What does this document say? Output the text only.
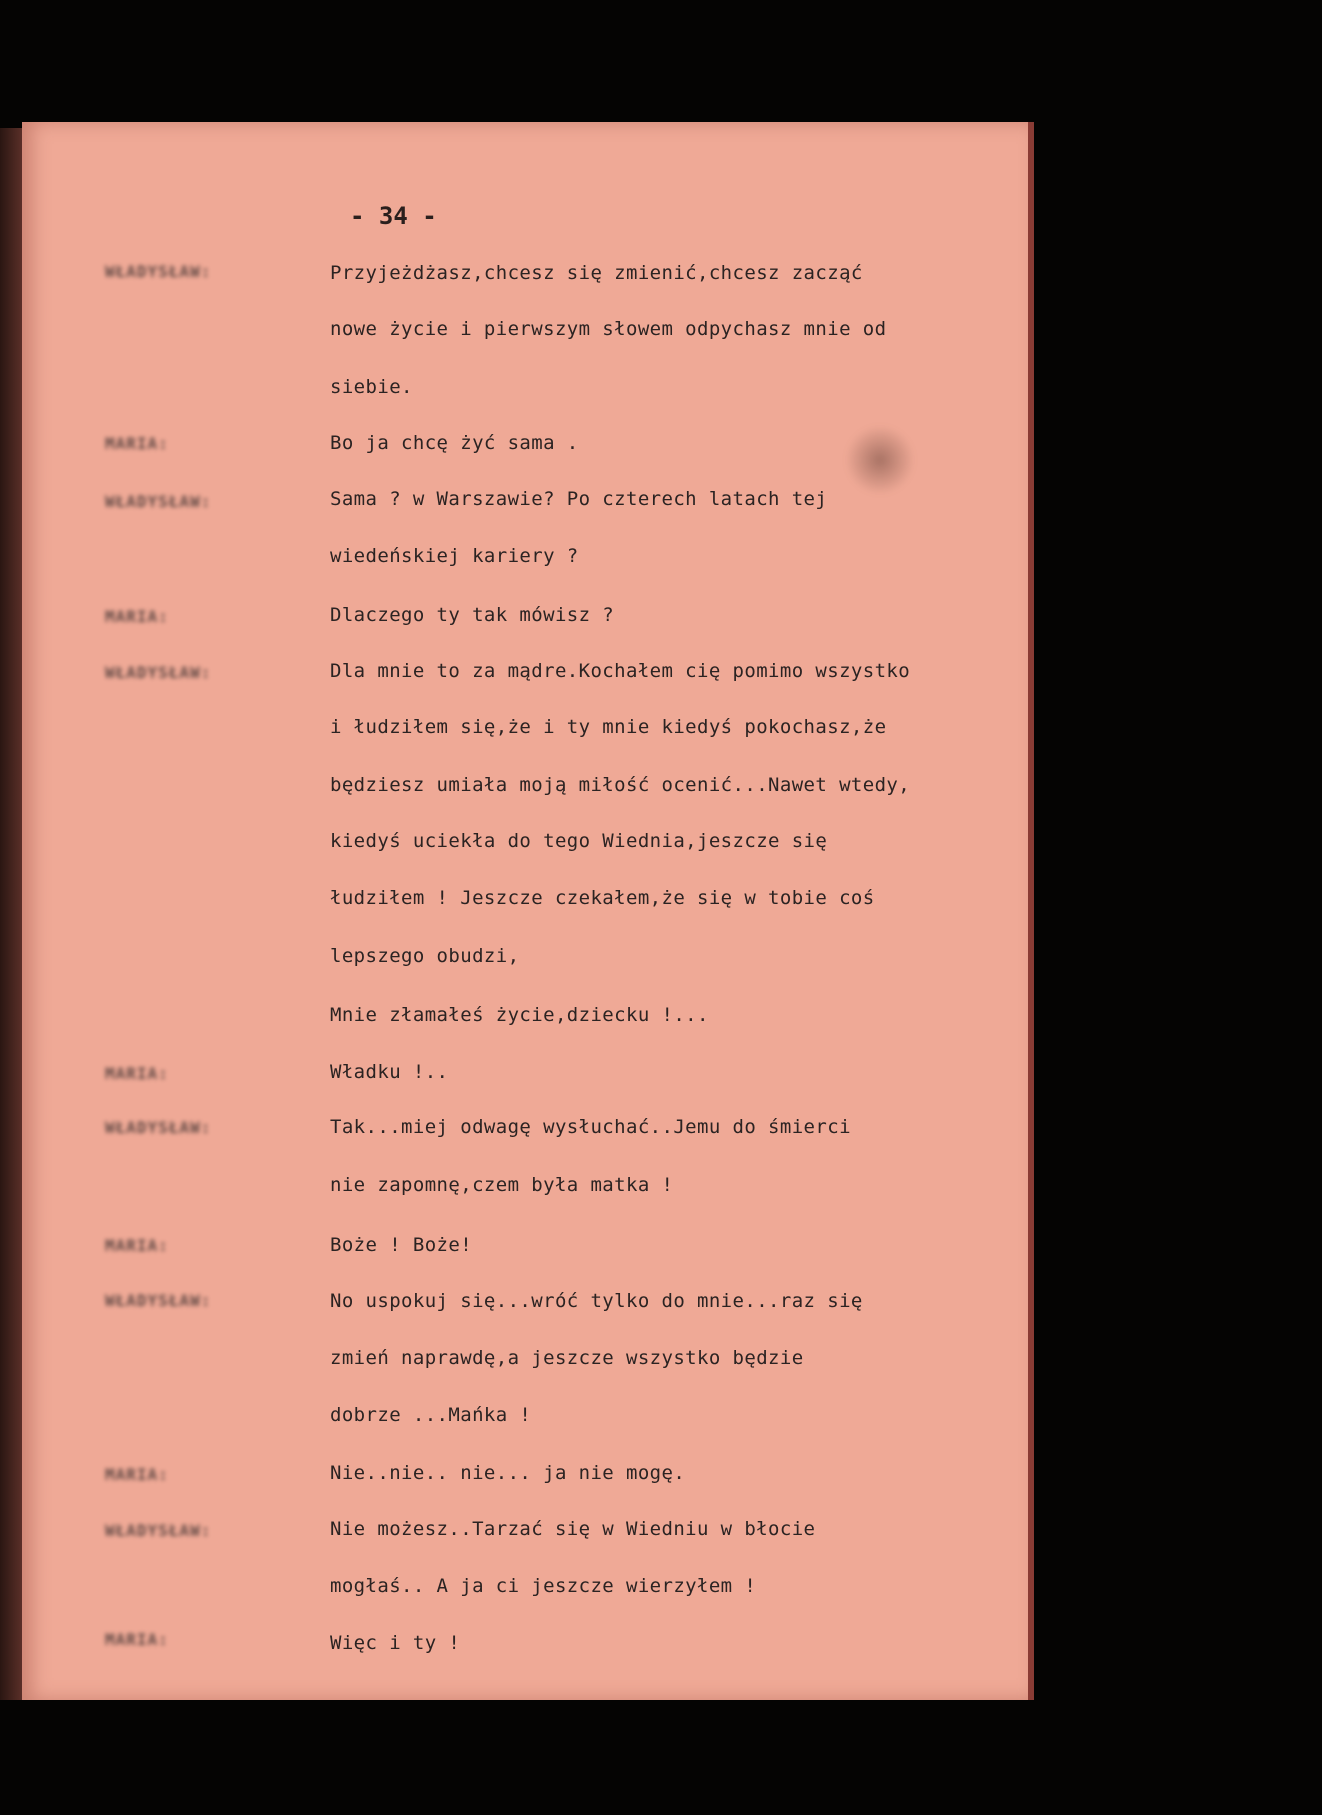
- 34 -
WŁADYSŁAW:
MARIA:
WŁADYSŁAW:
MARIA:
WŁADYSŁAW:
MARIA:
WŁADYSŁAW:
MARIA:
WŁADYSŁAW:
MARIA:
WŁADYSŁAW:
MARIA:
Przyjeżdżasz,chcesz się zmienić,chcesz zacząć
nowe życie i pierwszym słowem odpychasz mnie od
siebie.
Bo ja chcę żyć sama .
Sama ? w Warszawie? Po czterech latach tej
wiedeńskiej kariery ?
Dlaczego ty tak mówisz ?
Dla mnie to za mądre.Kochałem cię pomimo wszystko
i łudziłem się,że i ty mnie kiedyś pokochasz,że
będziesz umiała moją miłość ocenić...Nawet wtedy,
kiedyś uciekła do tego Wiednia,jeszcze się
łudziłem ! Jeszcze czekałem,że się w tobie coś
lepszego obudzi,
Mnie złamałeś życie,dziecku !...
Władku !..
Tak...miej odwagę wysłuchać..Jemu do śmierci
nie zapomnę,czem była matka !
Boże ! Boże!
No uspokuj się...wróć tylko do mnie...raz się
zmień naprawdę,a jeszcze wszystko będzie
dobrze ...Mańka !
Nie..nie.. nie... ja nie mogę.
Nie możesz..Tarzać się w Wiedniu w błocie
mogłaś.. A ja ci jeszcze wierzyłem !
Więc i ty !
